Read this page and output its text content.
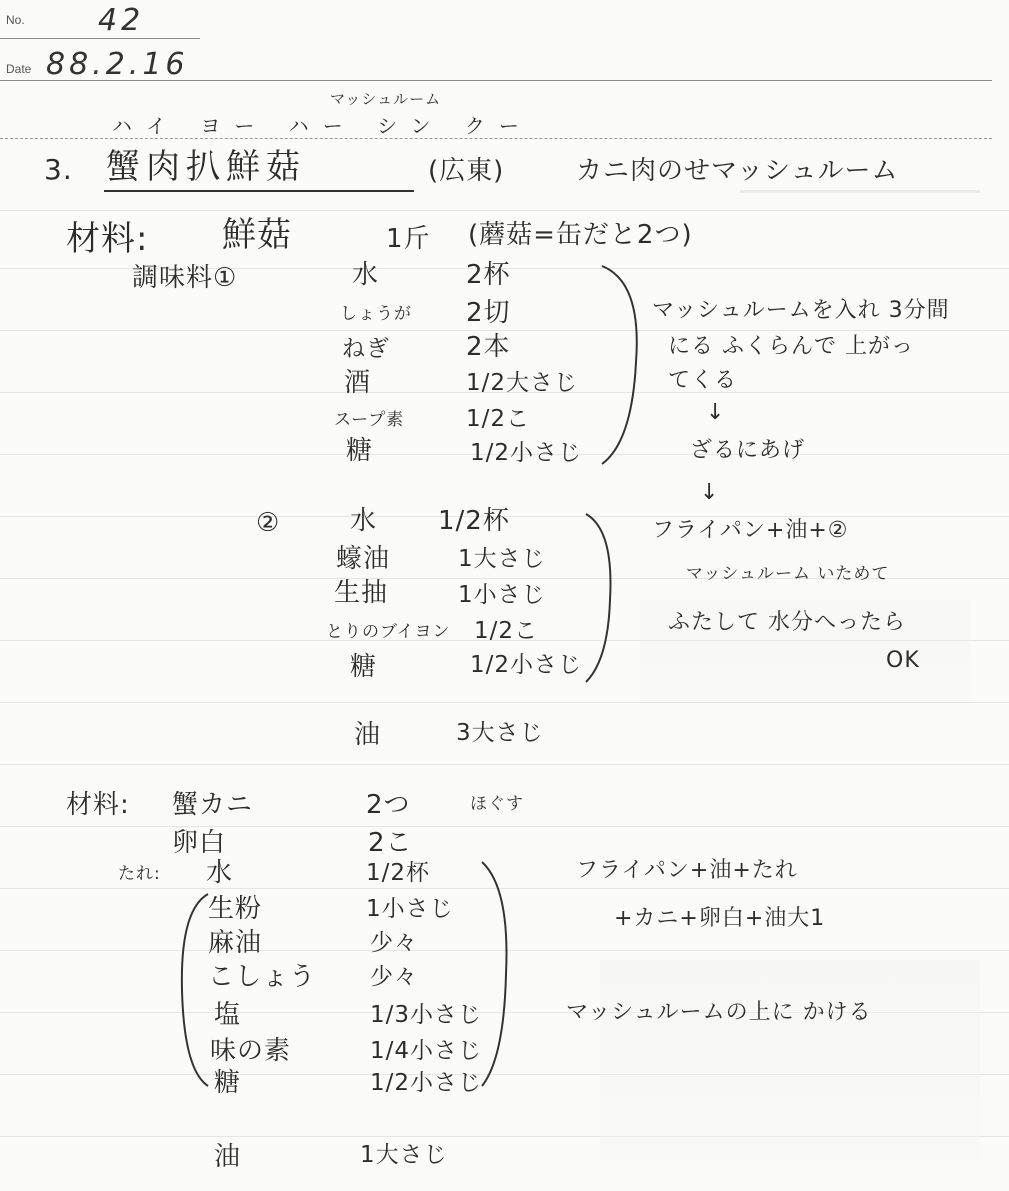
No. 42
Date 88.2.16
マッシュルーム
ハイ ヨー ハー シン クー
3. 蟹肉扒鮮菇	(広東)	カニ肉のせマッシュルーム
材料: 鮮菇	1斤 (蘑菇=缶だと2つ)
調味料①	水	2杯
しょうが 2切
ねぎ	2本
酒	1/2大さじ
スープ素	1/2こ
糖	1/2小さじ
マッシュルームを入れ 3分間
にる ふくらんで 上がっ
てくる
↓
ざるにあげ
↓
フライパン+油+②
マッシュルーム いためて
ふたして 水分へったら
OK
②	水 1/2杯
蠔油	1大さじ
生抽	1小さじ
とりのブイヨン 1/2こ
糖	1/2小さじ
油	3大さじ
材料: 蟹カニ	2つ	ほぐす
卵白	2こ
たれ: 水	1/2杯
生粉	1小さじ
麻油	少々
こしょう 少々
塩	1/3小さじ
味の素	1/4小さじ
糖	1/2小さじ
油	1大さじ
フライパン+油+たれ
+カニ+卵白+油大1
マッシュルームの上に かける
